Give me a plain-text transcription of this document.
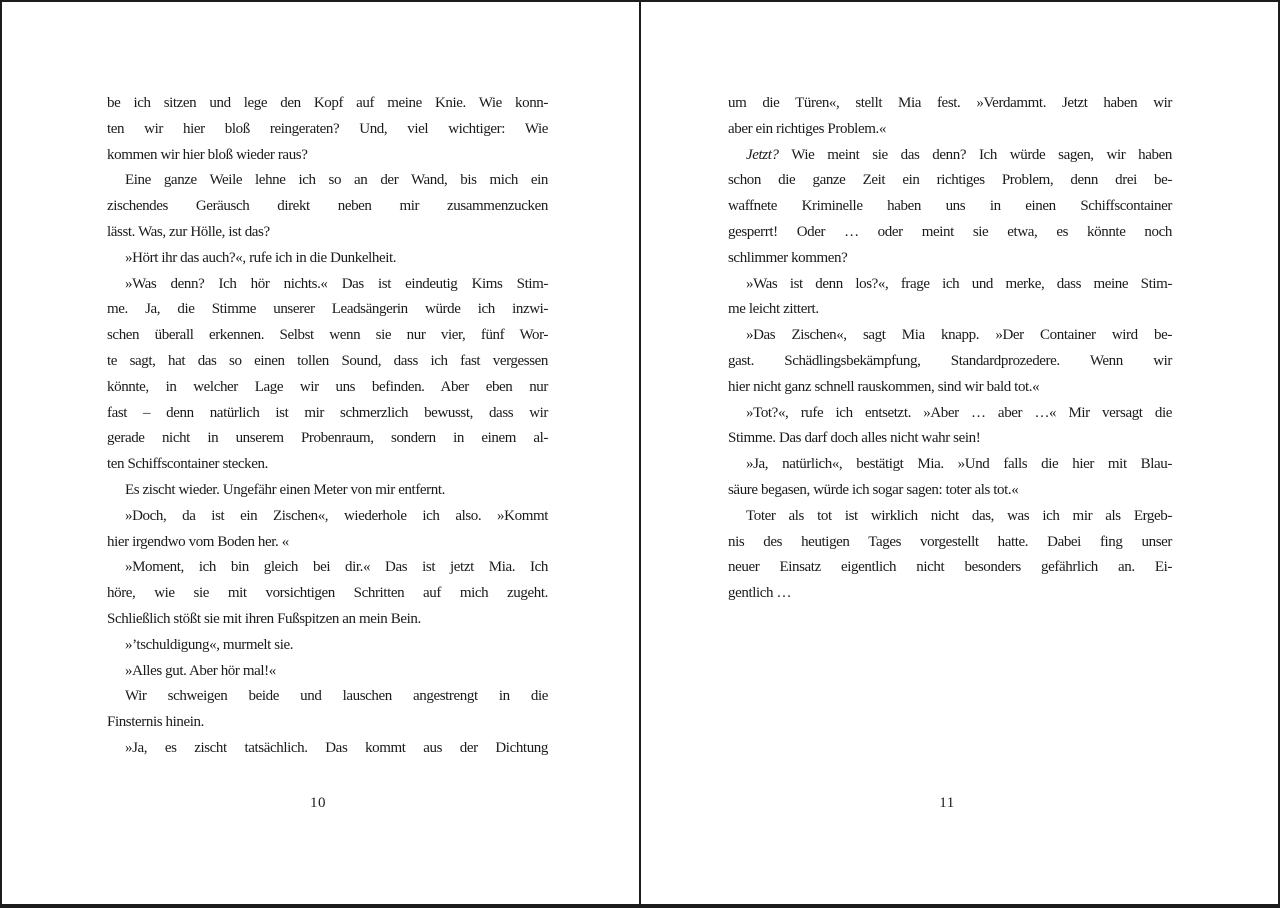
be ich sitzen und lege den Kopf auf meine Knie. Wie konn-
ten wir hier bloß reingeraten? Und, viel wichtiger: Wie
kommen wir hier bloß wieder raus?
Eine ganze Weile lehne ich so an der Wand, bis mich ein
zischendes Geräusch direkt neben mir zusammenzucken
lässt. Was, zur Hölle, ist das?
»Hört ihr das auch?«, rufe ich in die Dunkelheit.
»Was denn? Ich hör nichts.« Das ist eindeutig Kims Stim-
me. Ja, die Stimme unserer Leadsängerin würde ich inzwi-
schen überall erkennen. Selbst wenn sie nur vier, fünf Wor-
te sagt, hat das so einen tollen Sound, dass ich fast vergessen
könnte, in welcher Lage wir uns befinden. Aber eben nur
fast – denn natürlich ist mir schmerzlich bewusst, dass wir
gerade nicht in unserem Probenraum, sondern in einem al-
ten Schiffscontainer stecken.
Es zischt wieder. Ungefähr einen Meter von mir entfernt.
»Doch, da ist ein Zischen«, wiederhole ich also. »Kommt
hier irgendwo vom Boden her. «
»Moment, ich bin gleich bei dir.« Das ist jetzt Mia. Ich
höre, wie sie mit vorsichtigen Schritten auf mich zugeht.
Schließlich stößt sie mit ihren Fußspitzen an mein Bein.
»’tschuldigung«, murmelt sie.
»Alles gut. Aber hör mal!«
Wir schweigen beide und lauschen angestrengt in die
Finsternis hinein.
»Ja, es zischt tatsächlich. Das kommt aus der Dichtung
um die Türen«, stellt Mia fest. »Verdammt. Jetzt haben wir
aber ein richtiges Problem.«
Jetzt? Wie meint sie das denn? Ich würde sagen, wir haben
schon die ganze Zeit ein richtiges Problem, denn drei be-
waffnete Kriminelle haben uns in einen Schiffscontainer
gesperrt! Oder … oder meint sie etwa, es könnte noch
schlimmer kommen?
»Was ist denn los?«, frage ich und merke, dass meine Stim-
me leicht zittert.
»Das Zischen«, sagt Mia knapp. »Der Container wird be-
gast. Schädlingsbekämpfung, Standardprozedere. Wenn wir
hier nicht ganz schnell rauskommen, sind wir bald tot.«
»Tot?«, rufe ich entsetzt. »Aber … aber …« Mir versagt die
Stimme. Das darf doch alles nicht wahr sein!
»Ja, natürlich«, bestätigt Mia. »Und falls die hier mit Blau-
säure begasen, würde ich sogar sagen: toter als tot.«
Toter als tot ist wirklich nicht das, was ich mir als Ergeb-
nis des heutigen Tages vorgestellt hatte. Dabei fing unser
neuer Einsatz eigentlich nicht besonders gefährlich an. Ei-
gentlich …
10	11
